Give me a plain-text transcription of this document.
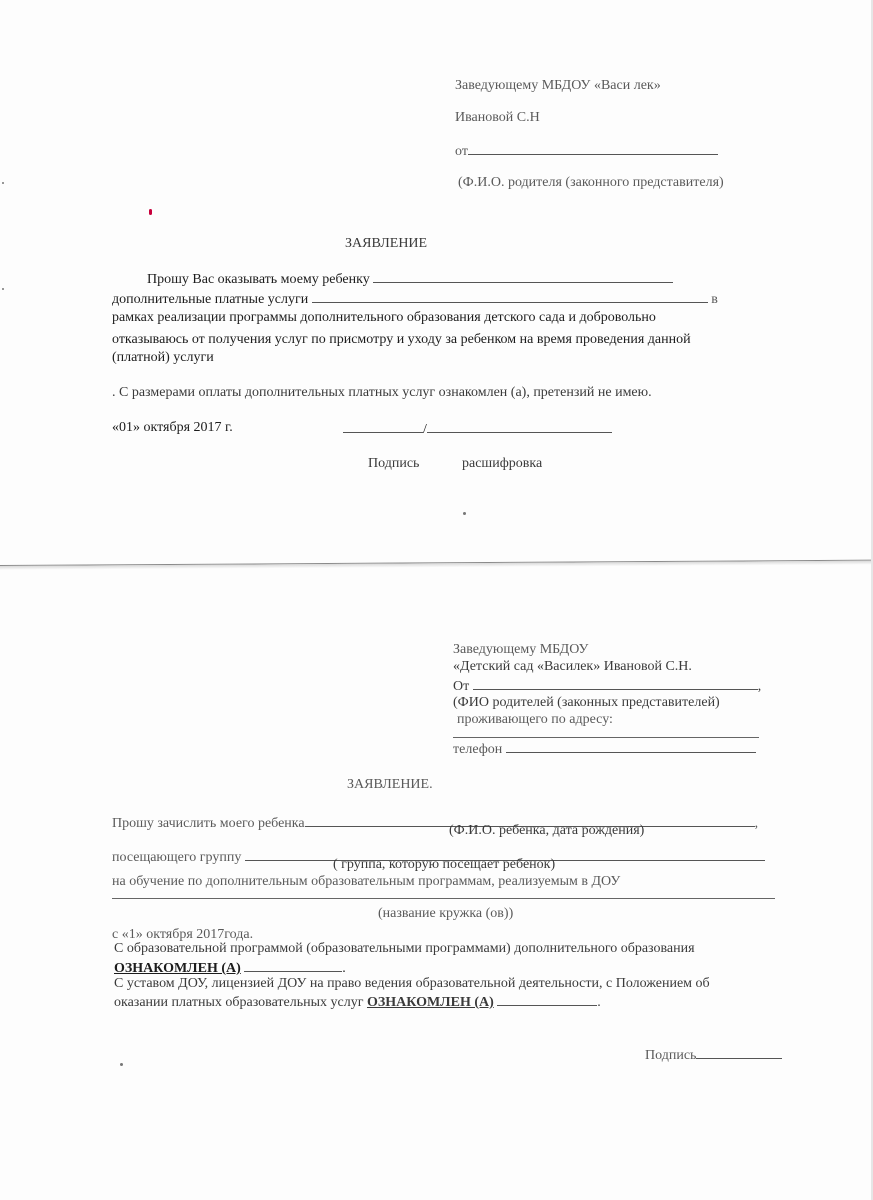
Заведующему МБДОУ «Васи лек»
Ивановой С.Н
от
(Ф.И.О. родителя (законного представителя)
ЗАЯВЛЕНИЕ
Прошу Вас оказывать моему ребенку
дополнительные платные услуги	в
рамках реализации программы дополнительного образования детского сада и добровольно
отказываюсь от получения услуг по присмотру и уходу за ребенком на время проведения данной
(платной) услуги
. С размерами оплаты дополнительных платных услуг ознакомлен (а), претензий не имею.
«01» октября 2017 г.	/
Подпись	расшифровка
Заведующему МБДОУ
«Детский сад «Василек» Ивановой С.Н.
От	,
(ФИО родителей (законных представителей)
проживающего по адресу:
телефон
ЗАЯВЛЕНИЕ.
Прошу зачислить моего ребенка	,
(Ф.И.О. ребенка, дата рождения)
посещающего группу	( группа, которую посещает ребенок)
на обучение по дополнительным образовательным программам, реализуемым в ДОУ
(название кружка (ов))
с «1» октября 2017года.
С образовательной программой (образовательными программами) дополнительного образования
ОЗНАКОМЛЕН (А)	.
С уставом ДОУ, лицензией ДОУ на право ведения образовательной деятельности, с Положением об
оказании платных образовательных услуг ОЗНАКОМЛЕН (А)	.
Подпись
